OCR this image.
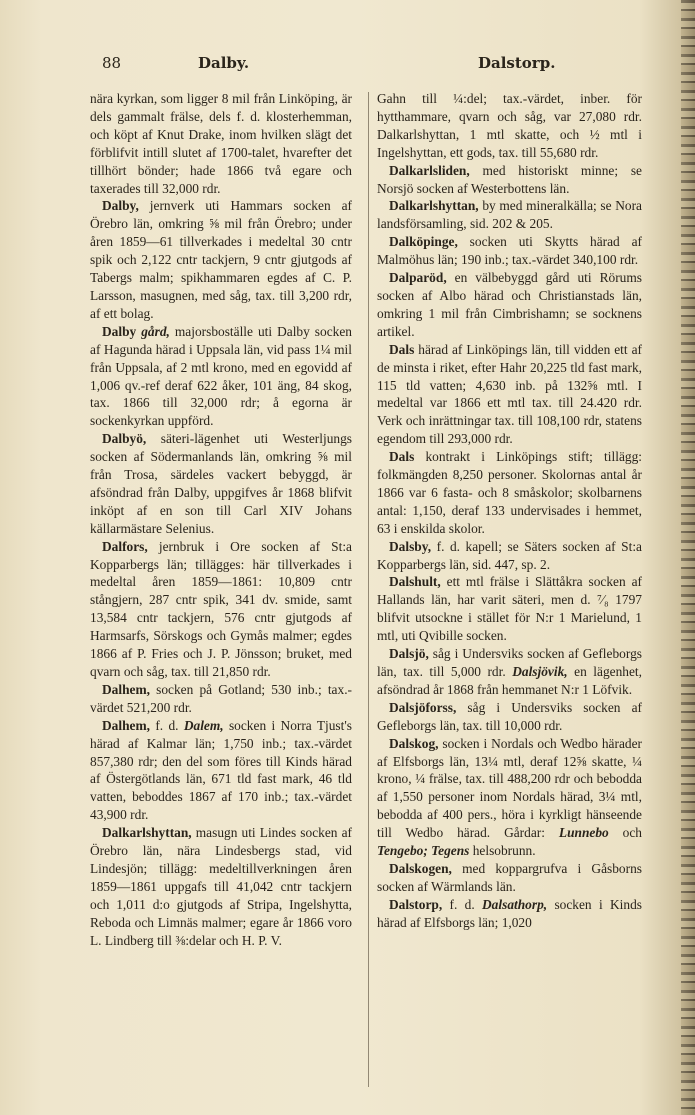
88	Dalby.	Dalstorp.

nära kyrkan, som ligger 8 mil från Linköping, är dels gammalt frälse, dels f. d. klosterhemman, och köpt af Knut Drake, inom hvilken slägt det förblifvit intill slutet af 1700-talet, hvarefter det tillhört bönder; hade 1866 två egare och taxerades till 32,000 rdr.

Dalby, jernverk uti Hammars socken af Örebro län, omkring ⅝ mil från Örebro; under åren 1859—61 tillverkades i medeltal 30 cntr spik och 2,122 cntr tackjern, 9 cntr gjutgods af Tabergs malm; spikhammaren egdes af C. P. Larsson, masugnen, med såg, tax. till 3,200 rdr, af ett bolag.

Dalby gård, majorsboställe uti Dalby socken af Hagunda härad i Uppsala län, vid pass 1¼ mil från Uppsala, af 2 mtl krono, med en egovidd af 1,006 qv.-ref deraf 622 åker, 101 äng, 84 skog, tax. 1866 till 32,000 rdr; å egorna är sockenkyrkan uppförd.

Dalbyö, säteri-lägenhet uti Westerljungs socken af Södermanlands län, omkring ⅝ mil från Trosa, särdeles vackert bebyggd, är afsöndrad från Dalby, uppgifves år 1868 blifvit inköpt af en son till Carl XIV Johans källarmästare Selenius.

Dalfors, jernbruk i Ore socken af St:a Kopparbergs län; tillägges: här tillverkades i medeltal åren 1859—1861: 10,809 cntr stångjern, 287 cntr spik, 341 dv. smide, samt 13,584 cntr tackjern, 576 cntr gjutgods af Harmsarfs, Sörskogs och Gymås malmer; egdes 1866 af P. Fries och J. P. Jönsson; bruket, med qvarn och såg, tax. till 21,850 rdr.

Dalhem, socken på Gotland; 530 inb.; tax.-värdet 521,200 rdr.

Dalhem, f. d. Dalem, socken i Norra Tjust's härad af Kalmar län; 1,750 inb.; tax.-värdet 857,380 rdr; den del som föres till Kinds härad af Östergötlands län, 671 tld fast mark, 46 tld vatten, beboddes 1867 af 170 inb.; tax.-värdet 43,900 rdr.

Dalkarlshyttan, masugn uti Lindes socken af Örebro län, nära Lindesbergs stad, vid Lindesjön; tillägg: medeltillverkningen åren 1859—1861 uppgafs till 41,042 cntr tackjern och 1,011 d:o gjutgods af Stripa, Ingelshytta, Reboda och Limnäs malmer; egare år 1866 voro L. Lindberg till ⅜:delar och H. P. V.

Gahn till ¼:del; tax.-värdet, inber. för hytthammare, qvarn och såg, var 27,080 rdr. Dalkarlshyttan, 1 mtl skatte, och ½ mtl i Ingelshyttan, ett gods, tax. till 55,680 rdr.

Dalkarlsliden, med historiskt minne; se Norsjö socken af Westerbottens län.

Dalkarlshyttan, by med mineralkälla; se Nora landsförsamling, sid. 202 & 205.

Dalköpinge, socken uti Skytts härad af Malmöhus län; 190 inb.; tax.-värdet 340,100 rdr.

Dalparöd, en välbebyggd gård uti Rörums socken af Albo härad och Christianstads län, omkring 1 mil från Cimbrishamn; se socknens artikel.

Dals härad af Linköpings län, till vidden ett af de minsta i riket, efter Hahr 20,225 tld fast mark, 115 tld vatten; 4,630 inb. på 132⅝ mtl. I medeltal var 1866 ett mtl tax. till 24.420 rdr. Verk och inrättningar tax. till 108,100 rdr, statens egendom till 293,000 rdr.

Dals kontrakt i Linköpings stift; tillägg: folkmängden 8,250 personer. Skolornas antal år 1866 var 6 fasta- och 8 småskolor; skolbarnens antal: 1,150, deraf 133 undervisades i hemmet, 63 i enskilda skolor.

Dalsby, f. d. kapell; se Säters socken af St:a Kopparbergs län, sid. 447, sp. 2.

Dalshult, ett mtl frälse i Slättåkra socken af Hallands län, har varit säteri, men d. ⁷⁄₈ 1797 blifvit utsockne i stället för N:r 1 Marielund, 1 mtl, uti Qvibille socken.

Dalsjö, såg i Undersviks socken af Gefleborgs län, tax. till 5,000 rdr. Dalsjövik, en lägenhet, afsöndrad år 1868 från hemmanet N:r 1 Löfvik.

Dalsjöforss, såg i Undersviks socken af Gefleborgs län, tax. till 10,000 rdr.

Dalskog, socken i Nordals och Wedbo härader af Elfsborgs län, 13¼ mtl, deraf 12⅝ skatte, ¼ krono, ¼ frälse, tax. till 488,200 rdr och bebodda af 1,550 personer inom Nordals härad, 3¼ mtl, bebodda af 400 pers., höra i kyrkligt hänseende till Wedbo härad. Gårdar: Lunnebo och Tengebo; Tegens helsobrunn.

Dalskogen, med koppargrufva i Gåsborns socken af Wärmlands län.

Dalstorp, f. d. Dalsathorp, socken i Kinds härad af Elfsborgs län; 1,020
